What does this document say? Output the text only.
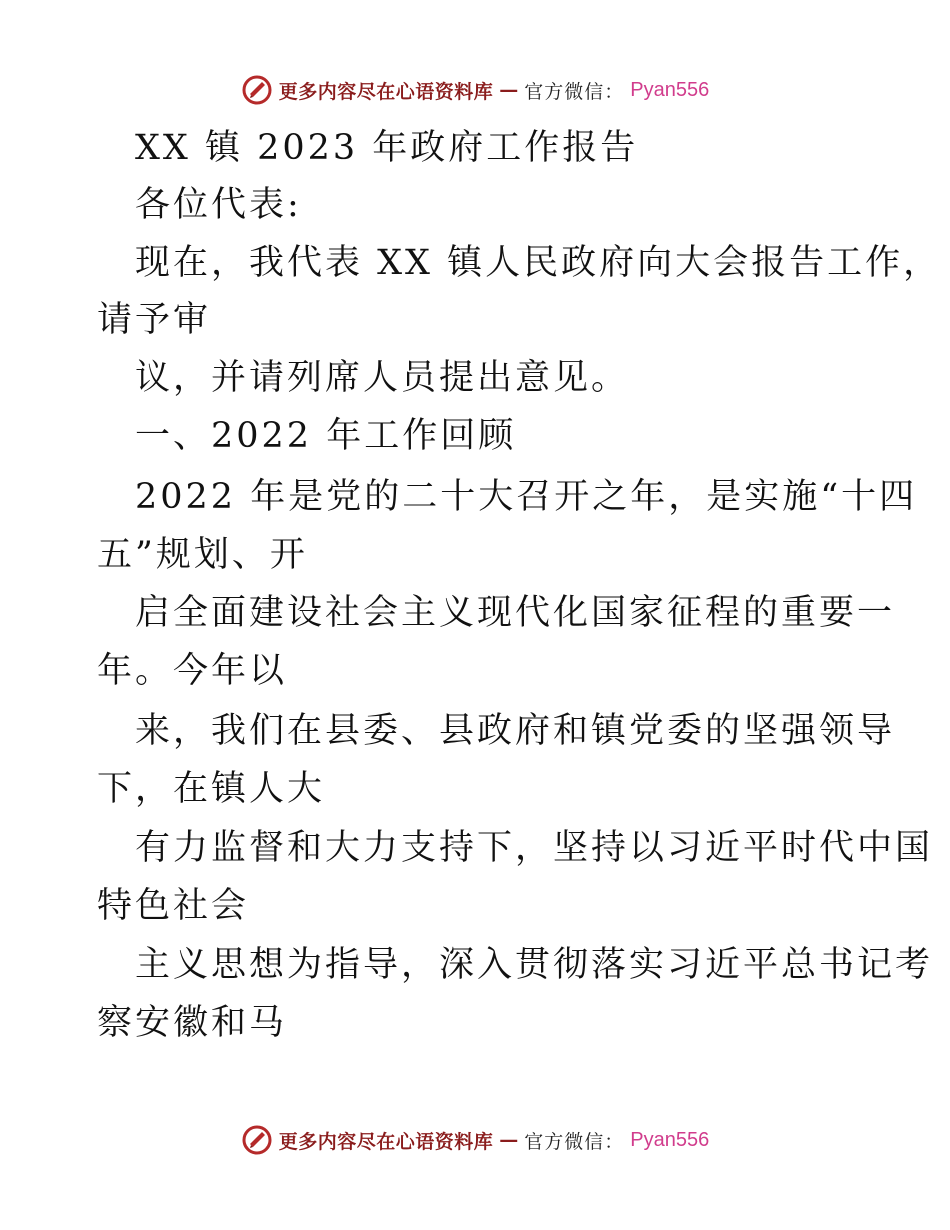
更多内容尽在心语资料库 — 官方微信： Pyan556
XX 镇 2023 年政府工作报告
各位代表:
现在，我代表 XX 镇人民政府向大会报告工作，
请予审
议，并请列席人员提出意见。
一、2022 年工作回顾
2022 年是党的二十大召开之年，是实施“十四
五”规划、开
启全面建设社会主义现代化国家征程的重要一
年。今年以
来，我们在县委、县政府和镇党委的坚强领导
下，在镇人大
有力监督和大力支持下，坚持以习近平时代中国
特色社会
主义思想为指导，深入贯彻落实习近平总书记考
察安徽和马
更多内容尽在心语资料库 — 官方微信： Pyan556
